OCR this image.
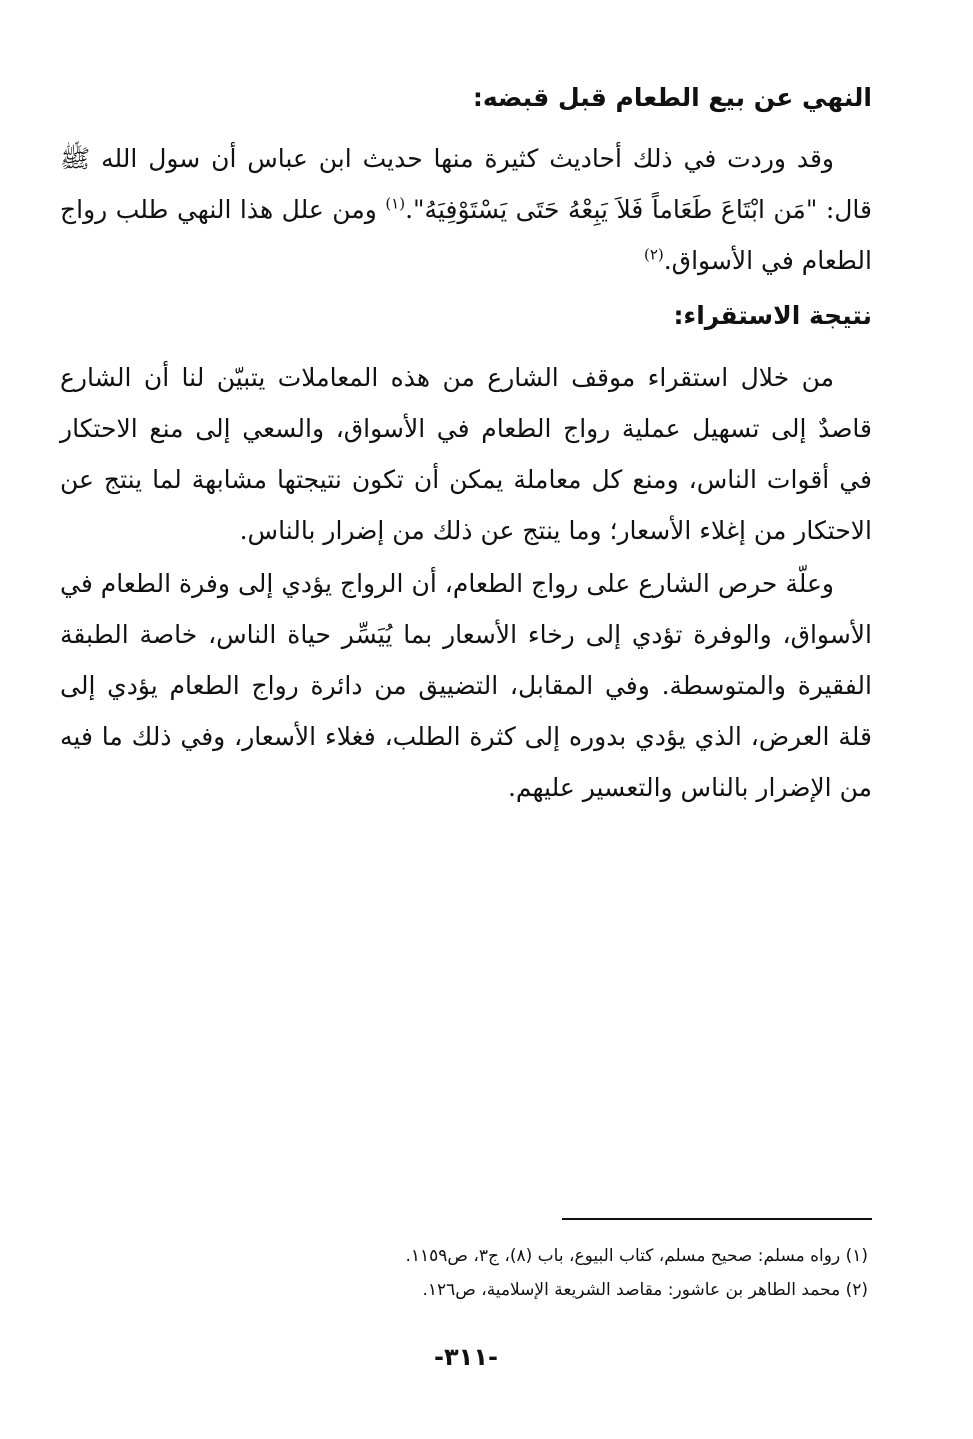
النهي عن بيع الطعام قبل قبضه:

وقد وردت في ذلك أحاديث كثيرة منها حديث ابن عباس أن سول الله ﷺ قال: "مَن ابْتَاعَ طَعَاماً فَلاَ يَبِعْهُ حَتَى يَسْتَوْفِيَهُ".$^{(١)}$ ومن علل هذا النهي طلب رواج الطعام في الأسواق.$^{(٢)}$

نتيجة الاستقراء:

من خلال استقراء موقف الشارع من هذه المعاملات يتبيّن لنا أن الشارع قاصدٌ إلى تسهيل عملية رواج الطعام في الأسواق، والسعي إلى منع الاحتكار في أقوات الناس، ومنع كل معاملة يمكن أن تكون نتيجتها مشابهة لما ينتج عن الاحتكار من إغلاء الأسعار؛ وما ينتج عن ذلك من إضرار بالناس.

وعلّة حرص الشارع على رواج الطعام، أن الرواج يؤدي إلى وفرة الطعام في الأسواق، والوفرة تؤدي إلى رخاء الأسعار بما يُيَسِّر حياة الناس، خاصة الطبقة الفقيرة والمتوسطة. وفي المقابل، التضييق من دائرة رواج الطعام يؤدي إلى قلة العرض، الذي يؤدي بدوره إلى كثرة الطلب، فغلاء الأسعار، وفي ذلك ما فيه من الإضرار بالناس والتعسير عليهم.

(١) رواه مسلم: صحيح مسلم، كتاب البيوع، باب (٨)، ج٣، ص١١٥٩.
(٢) محمد الطاهر بن عاشور: مقاصد الشريعة الإسلامية، ص١٢٦.
-٣١١-
